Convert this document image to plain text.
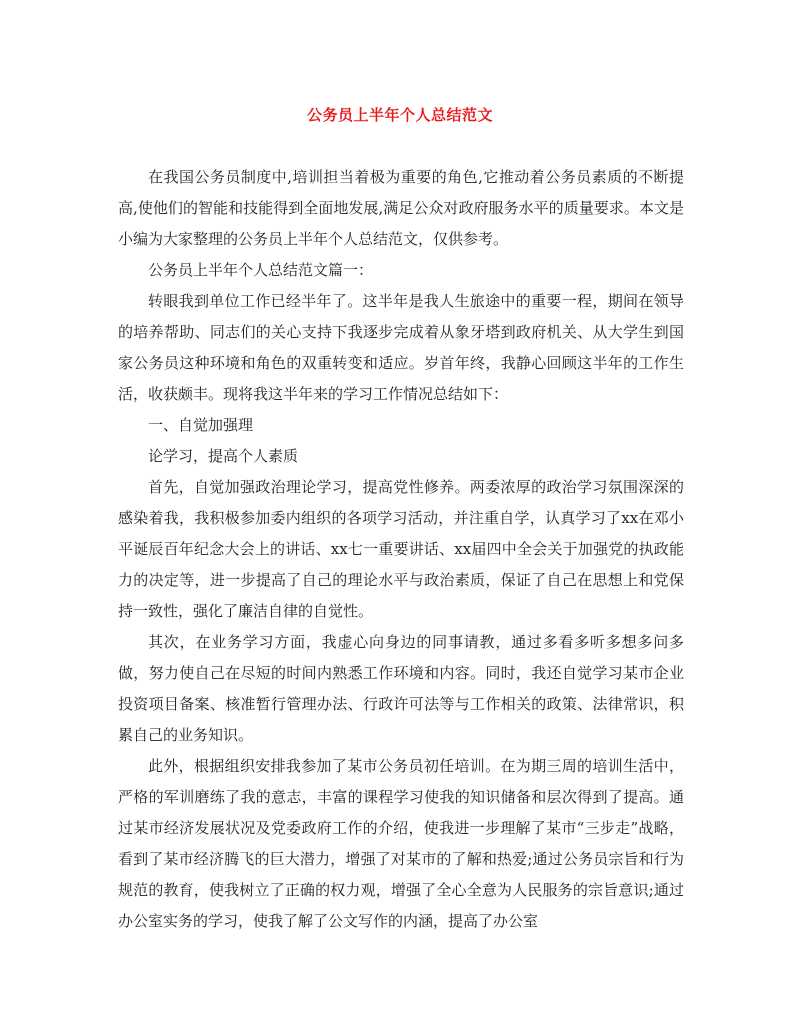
公务员上半年个人总结范文

在我国公务员制度中,培训担当着极为重要的角色,它推动着公务员素质的不断提高,使他们的智能和技能得到全面地发展,满足公众对政府服务水平的质量要求。本文是小编为大家整理的公务员上半年个人总结范文，仅供参考。

公务员上半年个人总结范文篇一：

转眼我到单位工作已经半年了。这半年是我人生旅途中的重要一程，期间在领导的培养帮助、同志们的关心支持下我逐步完成着从象牙塔到政府机关、从大学生到国家公务员这种环境和角色的双重转变和适应。岁首年终，我静心回顾这半年的工作生活，收获颇丰。现将我这半年来的学习工作情况总结如下：

一、自觉加强理

论学习，提高个人素质

首先，自觉加强政治理论学习，提高党性修养。两委浓厚的政治学习氛围深深的感染着我，我积极参加委内组织的各项学习活动，并注重自学，认真学习了xx在邓小平诞辰百年纪念大会上的讲话、xx七一重要讲话、xx届四中全会关于加强党的执政能力的决定等，进一步提高了自己的理论水平与政治素质，保证了自己在思想上和党保持一致性，强化了廉洁自律的自觉性。

其次，在业务学习方面，我虚心向身边的同事请教，通过多看多听多想多问多做，努力使自己在尽短的时间内熟悉工作环境和内容。同时，我还自觉学习某市企业投资项目备案、核准暂行管理办法、行政许可法等与工作相关的政策、法律常识，积累自己的业务知识。

此外，根据组织安排我参加了某市公务员初任培训。在为期三周的培训生活中，严格的军训磨练了我的意志，丰富的课程学习使我的知识储备和层次得到了提高。通过某市经济发展状况及党委政府工作的介绍，使我进一步理解了某市“三步走”战略，看到了某市经济腾飞的巨大潜力，增强了对某市的了解和热爱;通过公务员宗旨和行为规范的教育，使我树立了正确的权力观，增强了全心全意为人民服务的宗旨意识;通过办公室实务的学习，使我了解了公文写作的内涵，提高了办公室
